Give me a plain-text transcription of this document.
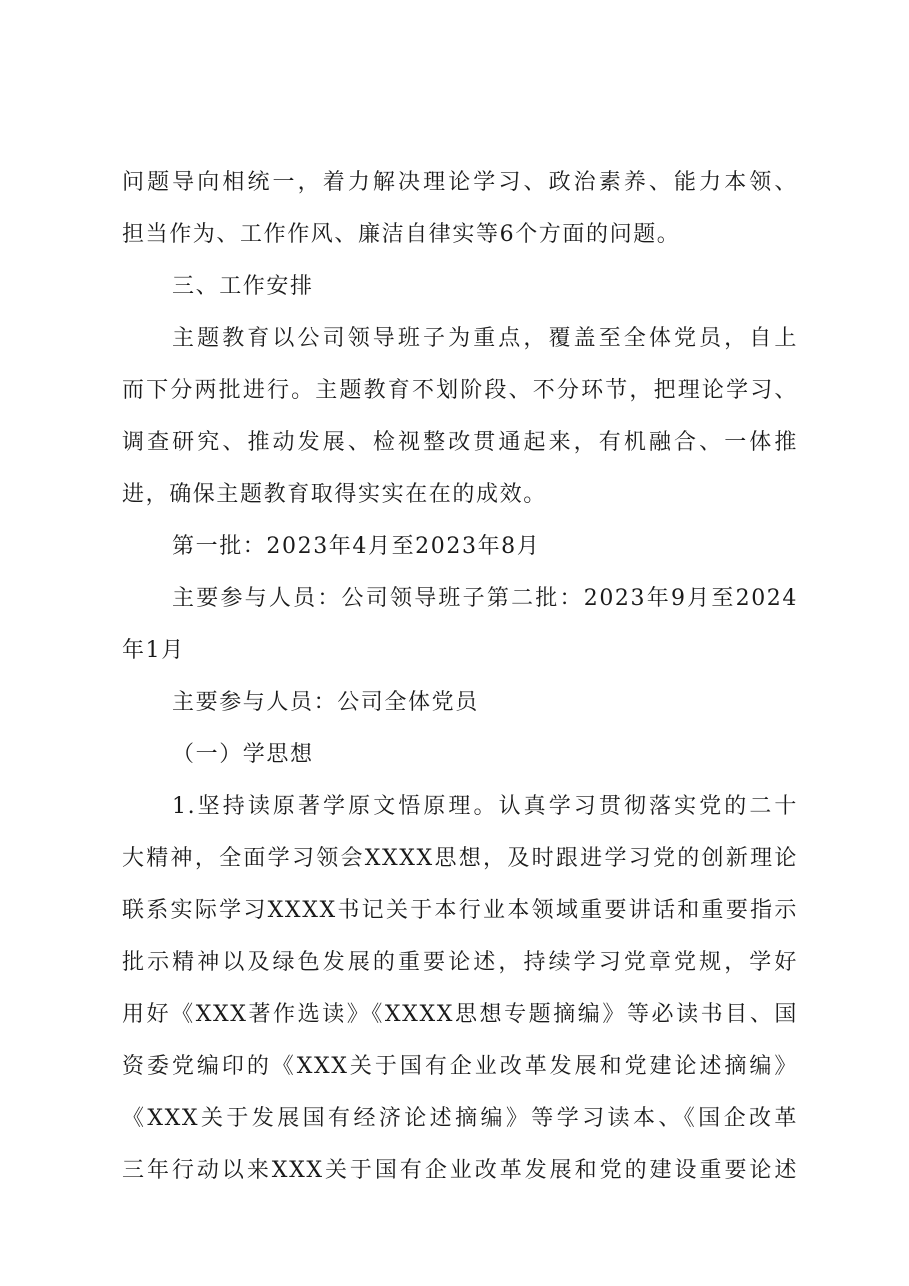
问题导向相统一，着力解决理论学习、政治素养、能力本领、
担当作为、工作作风、廉洁自律实等6个方面的问题。
三、工作安排
主题教育以公司领导班子为重点，覆盖至全体党员，自上
而下分两批进行。主题教育不划阶段、不分环节，把理论学习、
调查研究、推动发展、检视整改贯通起来，有机融合、一体推
进，确保主题教育取得实实在在的成效。
第一批：2023年4月至2023年8月
主要参与人员：公司领导班子第二批：2023年9月至2024
年1月
主要参与人员：公司全体党员
（一）学思想
1.坚持读原著学原文悟原理。认真学习贯彻落实党的二十
大精神，全面学习领会XXXX思想，及时跟进学习党的创新理论
联系实际学习XXXX书记关于本行业本领域重要讲话和重要指示
批示精神以及绿色发展的重要论述，持续学习党章党规，学好
用好《XXX著作选读》《XXXX思想专题摘编》等必读书目、国
资委党编印的《XXX关于国有企业改革发展和党建论述摘编》
《XXX关于发展国有经济论述摘编》等学习读本、《国企改革
三年行动以来XXX关于国有企业改革发展和党的建设重要论述
